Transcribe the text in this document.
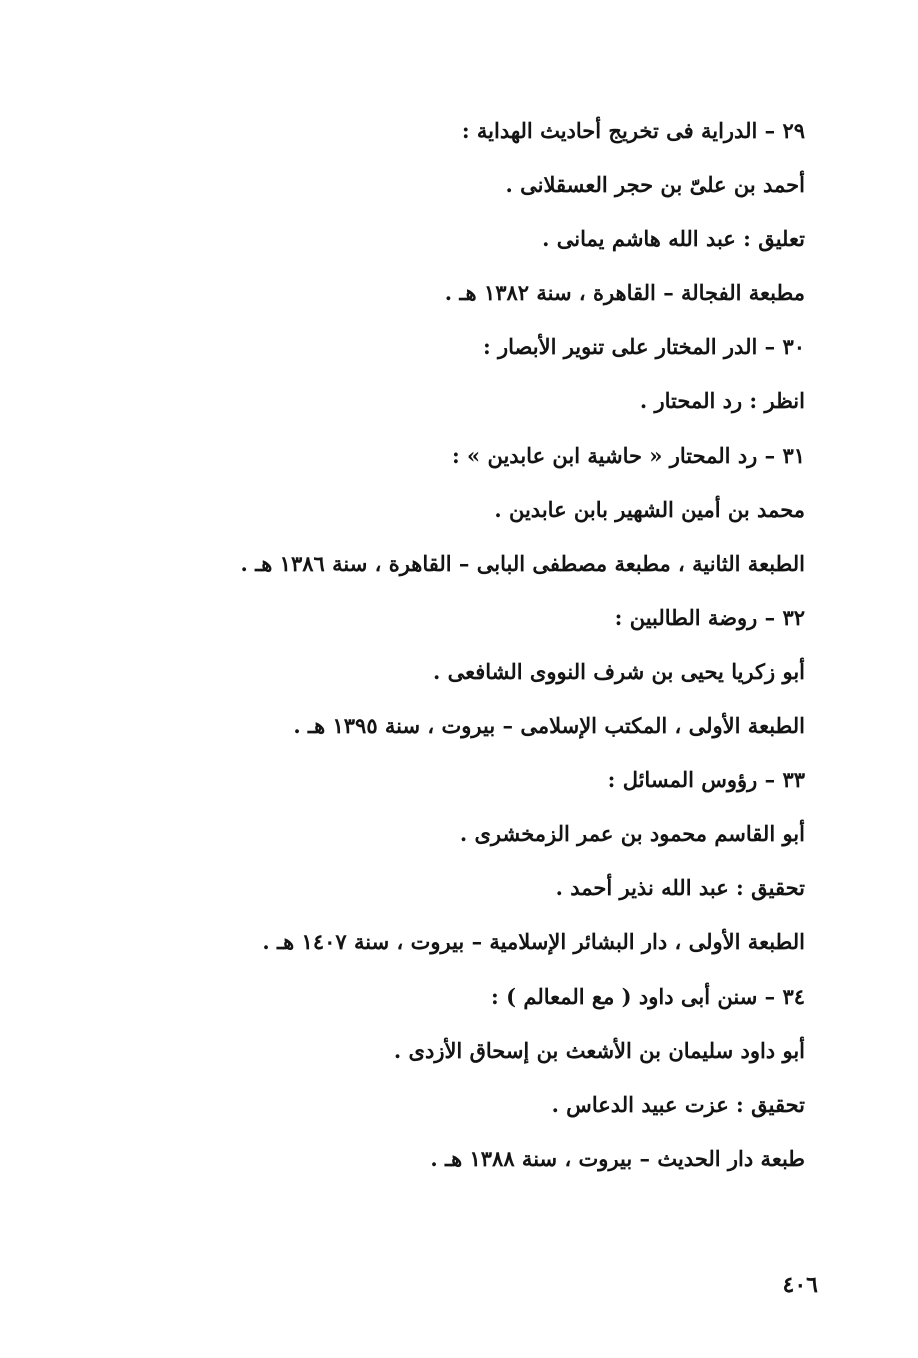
٢٩ – الدراية فى تخريج أحاديث الهداية :
أحمد بن علىّ بن حجر العسقلانى .
تعليق : عبد الله هاشم يمانى .
مطبعة الفجالة – القاهرة ، سنة ١٣٨٢ هـ .
٣٠ – الدر المختار على تنوير الأبصار :
انظر : رد المحتار .
٣١ – رد المحتار « حاشية ابن عابدين » :
محمد بن أمين الشهير بابن عابدين .
الطبعة الثانية ، مطبعة مصطفى البابى – القاهرة ، سنة ١٣٨٦ هـ .
٣٢ – روضة الطالبين :
أبو زكريا يحيى بن شرف النووى الشافعى .
الطبعة الأولى ، المكتب الإسلامى – بيروت ، سنة ١٣٩٥ هـ .
٣٣ – رؤوس المسائل :
أبو القاسم محمود بن عمر الزمخشرى .
تحقيق : عبد الله نذير أحمد .
الطبعة الأولى ، دار البشائر الإسلامية – بيروت ، سنة ١٤٠٧ هـ .
٣٤ – سنن أبى داود ( مع المعالم ) :
أبو داود سليمان بن الأشعث بن إسحاق الأزدى .
تحقيق : عزت عبيد الدعاس .
طبعة دار الحديث – بيروت ، سنة ١٣٨٨ هـ .
٤٠٦
